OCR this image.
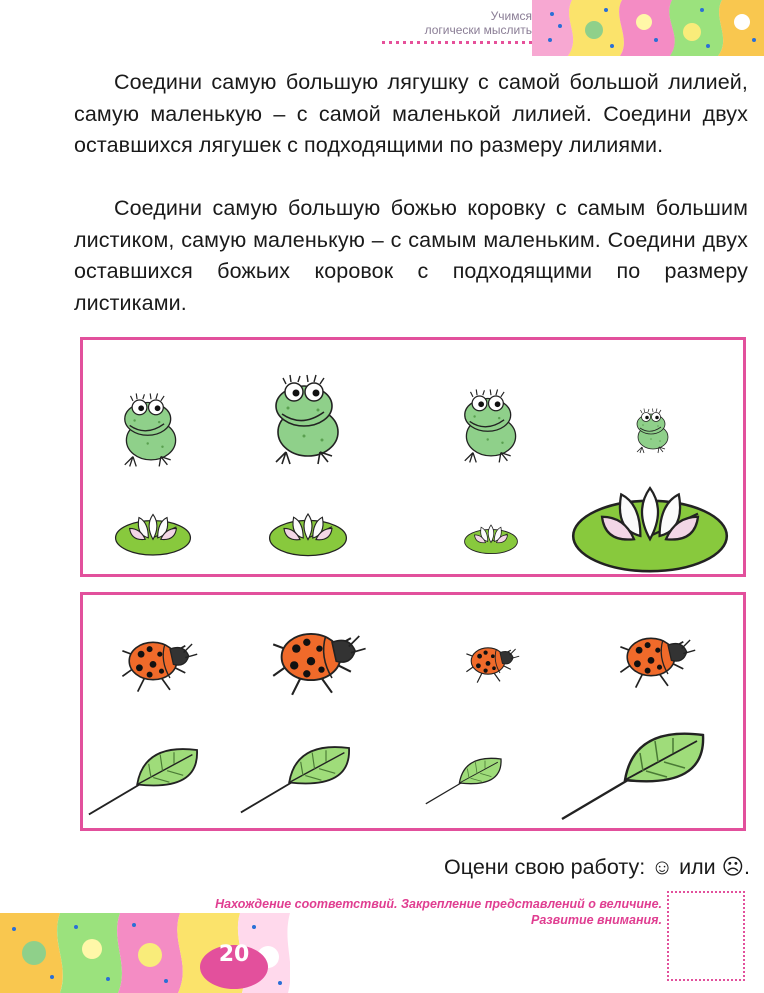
Учимся
логически мыслить

Соедини самую большую лягушку с самой большой лилией, самую маленькую – с самой маленькой лилией. Соедини двух оставшихся лягушек с подходящими по размеру лилиями.

Соедини самую большую божью коровку с самым большим листиком, самую маленькую – с самым маленьким. Соедини двух оставшихся божьих коровок с подходящими по размеру листиками.

Оцени свою работу: ☺ или ☹.
Нахождение соответствий. Закрепление представлений о величине.
Развитие внимания.
20
